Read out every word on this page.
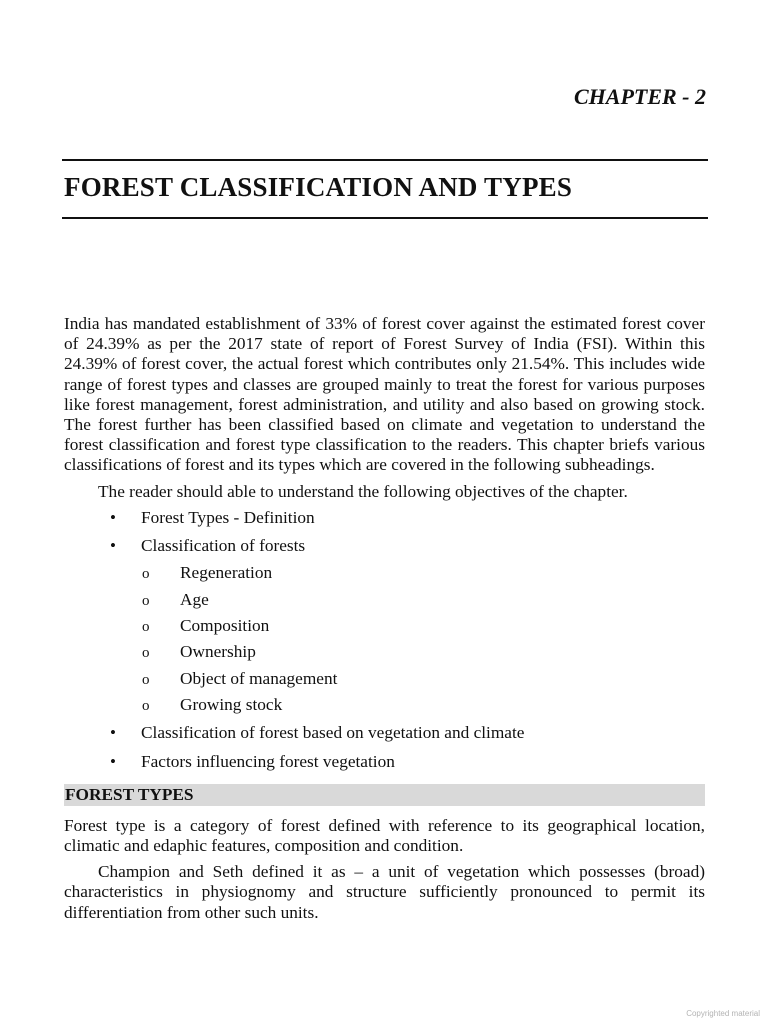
CHAPTER - 2
FOREST CLASSIFICATION AND TYPES

India has mandated establishment of 33% of forest cover against the estimated forest cover of 24.39% as per the 2017 state of report of Forest Survey of India (FSI). Within this 24.39% of forest cover, the actual forest which contributes only 21.54%. This includes wide range of forest types and classes are grouped mainly to treat the forest for various purposes like forest management, forest administration, and utility and also based on growing stock. The forest further has been classified based on climate and vegetation to understand the forest classification and forest type classification to the readers. This chapter briefs various classifications of forest and its types which are covered in the following subheadings.

The reader should able to understand the following objectives of the chapter.

• Forest Types - Definition
• Classification of forests
o Regeneration
o Age
o Composition
o Ownership
o Object of management
o Growing stock
• Classification of forest based on vegetation and climate
• Factors influencing forest vegetation
FOREST TYPES

Forest type is a category of forest defined with reference to its geographical location, climatic and edaphic features, composition and condition.

Champion and Seth defined it as – a unit of vegetation which possesses (broad) characteristics in physiognomy and structure sufficiently pronounced to permit its differentiation from other such units.

Copyrighted material
